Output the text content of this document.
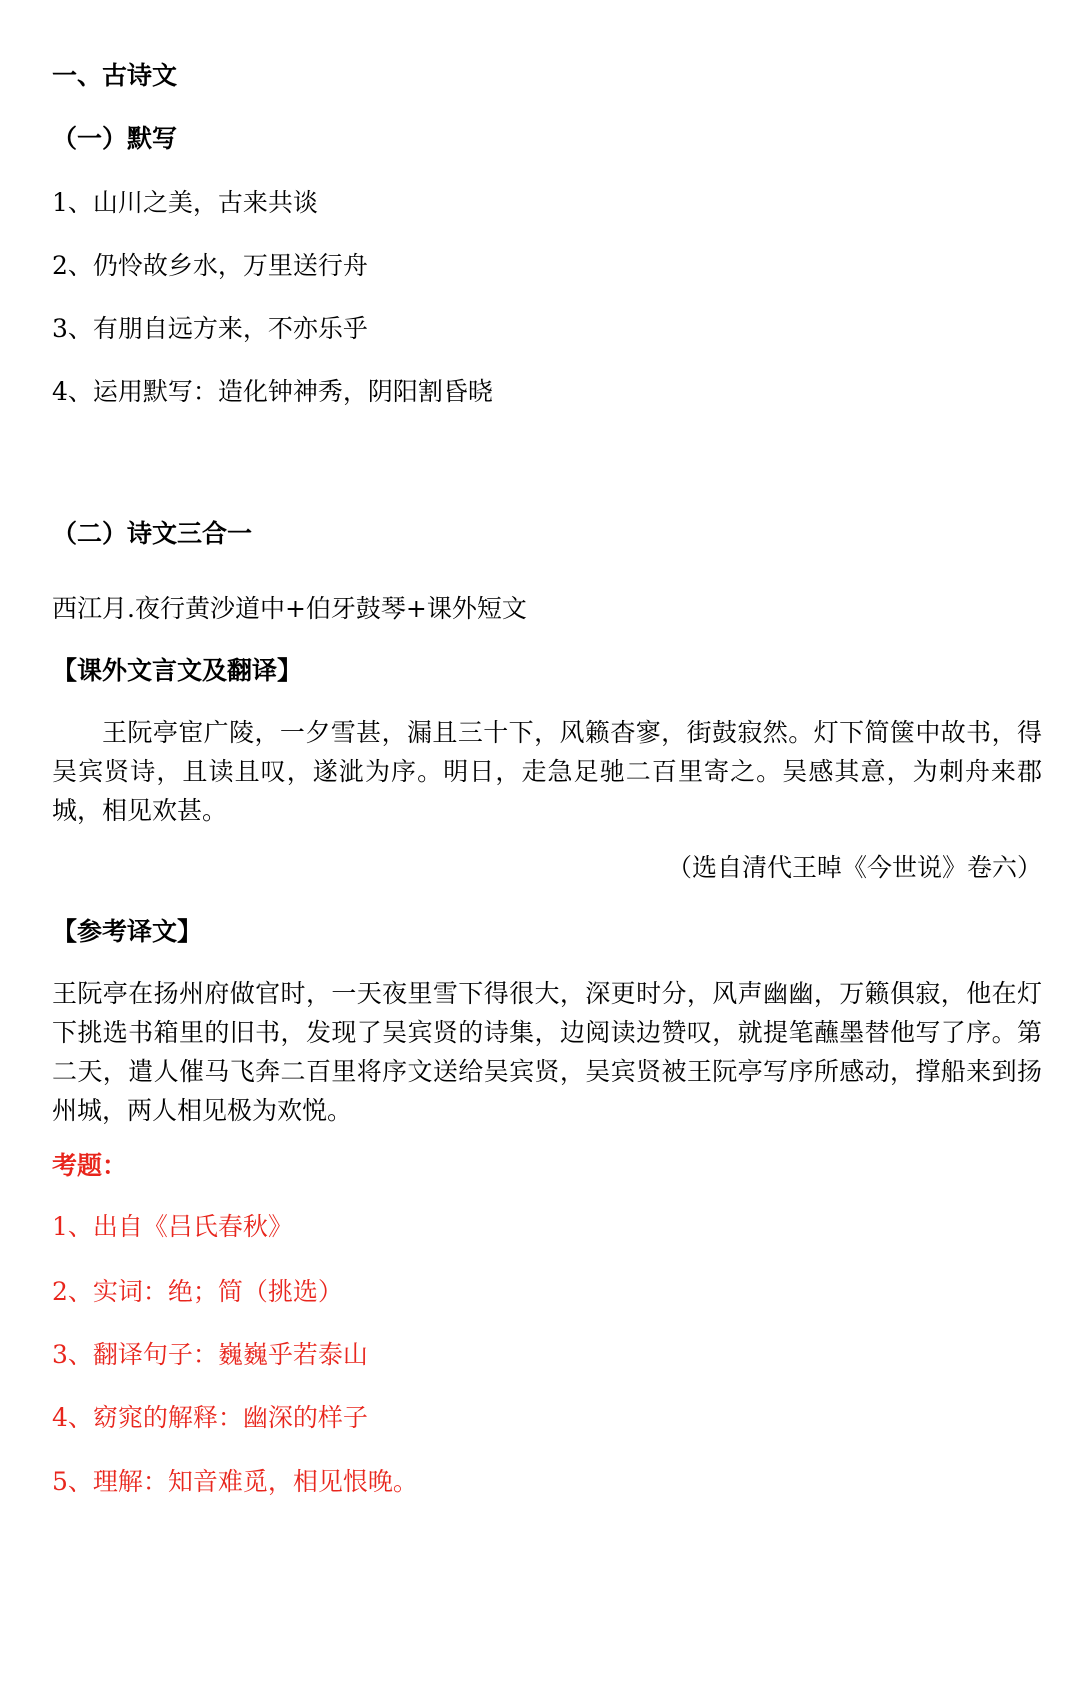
一、古诗文
（一）默写
1、山川之美，古来共谈
2、仍怜故乡水，万里送行舟
3、有朋自远方来，不亦乐乎
4、运用默写：造化钟神秀，阴阳割昏晓
（二）诗文三合一
西江月.夜行黄沙道中+伯牙鼓琴+课外短文
【课外文言文及翻译】
王阮亭宦广陵，一夕雪甚，漏且三十下，风籁杳寥，街鼓寂然。灯下简箧中故书，得吴宾贤诗，且读且叹，遂泚为序。明日，走急足驰二百里寄之。吴感其意，为刺舟来郡城，相见欢甚。
（选自清代王晫《今世说》卷六）
【参考译文】
王阮亭在扬州府做官时，一天夜里雪下得很大，深更时分，风声幽幽，万籁俱寂，他在灯下挑选书箱里的旧书，发现了吴宾贤的诗集，边阅读边赞叹，就提笔蘸墨替他写了序。第二天，遣人催马飞奔二百里将序文送给吴宾贤，吴宾贤被王阮亭写序所感动，撑船来到扬州城，两人相见极为欢悦。
考题：
1、出自《吕氏春秋》
2、实词：绝；简（挑选）
3、翻译句子：巍巍乎若泰山
4、窈窕的解释：幽深的样子
5、理解：知音难觅，相见恨晚。
